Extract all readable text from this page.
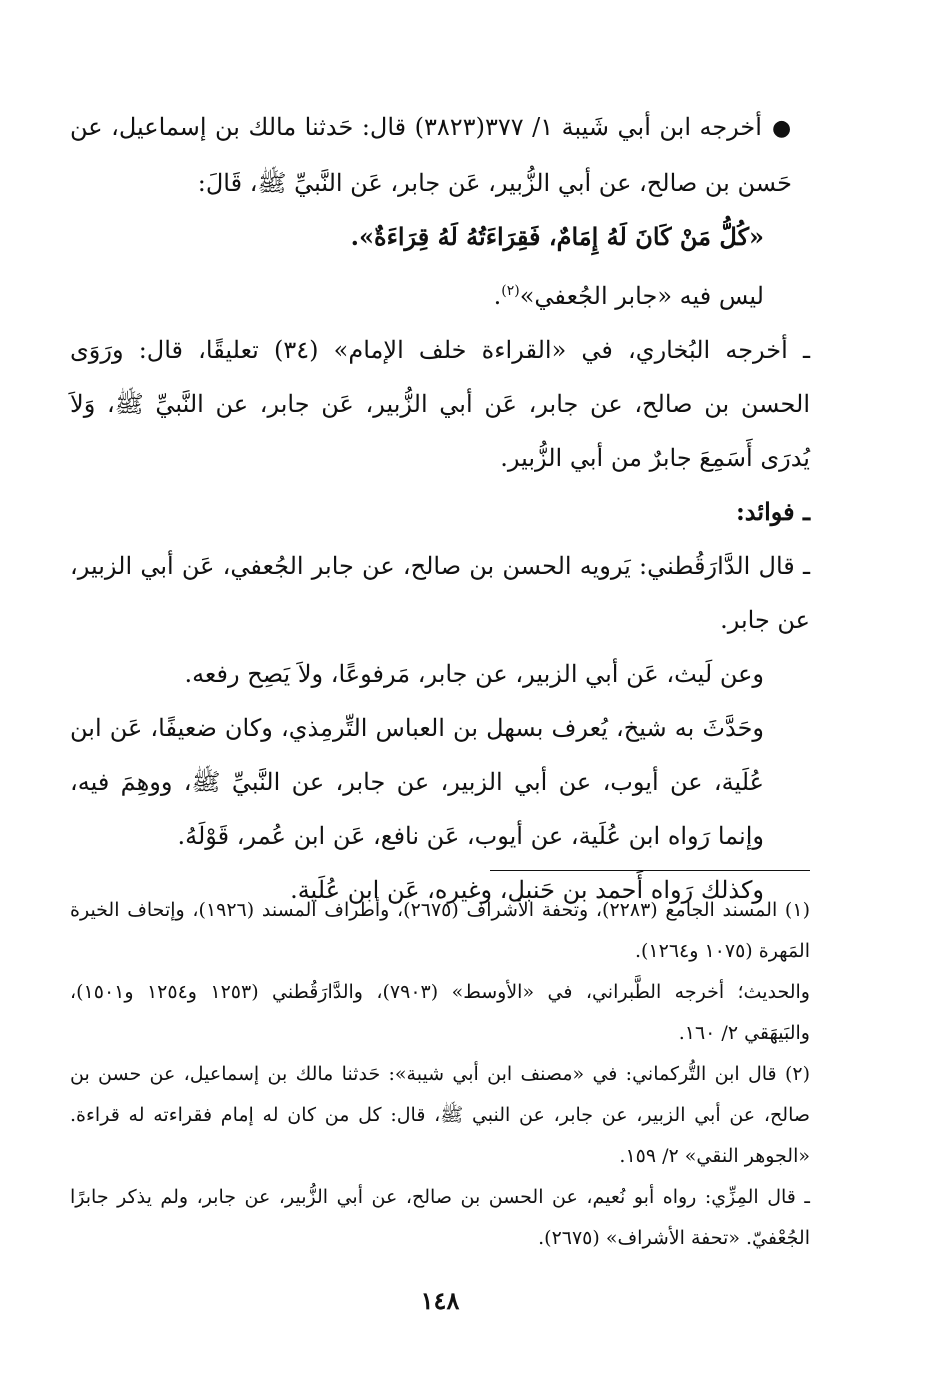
●أخرجه ابن أبي شَيبة ١/ ٣٧٧(٣٨٢٣) قال: حَدثنا مالك بن إسماعيل، عن حَسن بن صالح، عن أبي الزُّبير، عَن جابر، عَن النَّبيِّ ﷺ، قَالَ:

«كُلُّ مَنْ كَانَ لَهُ إِمَامٌ، فَقِرَاءَتُهُ لَهُ قِرَاءَةٌ».

ليس فيه «جابر الجُعفي»$^{(٢)}$.

ـ أخرجه البُخاري، في «القراءة خلف الإمام» (٣٤) تعليقًا، قال: ورَوَى الحسن بن صالح، عن جابر، عَن أبي الزُّبير، عَن جابر، عن النَّبيِّ ﷺ، وَلاَ يُدرَى أَسَمِعَ جابرٌ من أبي الزُّبير.

ـ فوائد:

ـ قال الدَّارَقُطني: يَرويه الحسن بن صالح، عن جابر الجُعفي، عَن أبي الزبير، عن جابر.

وعن لَيث، عَن أبي الزبير، عن جابر، مَرفوعًا، ولاَ يَصِح رفعه.

وحَدَّثَ به شيخ، يُعرف بسهل بن العباس التِّرمِذي، وكان ضعيفًا، عَن ابن عُلَية، عن أيوب، عن أبي الزبير، عن جابر، عن النَّبيِّ ﷺ، ووهِمَ فيه، وإنما رَواه ابن عُلَية، عن أيوب، عَن نافع، عَن ابن عُمر، قَوْلَهُ.

وكذلك رَواه أَحمد بن حَنبل، وغيره، عَن ابن عُلَية.

(١) المسند الجامع (٢٢٨٣)، وتحفة الأشراف (٢٦٧٥)، وأطراف المسند (١٩٢٦)، وإتحاف الخيرة المَهرة (١٠٧٥ و١٢٦٤).

والحديث؛ أخرجه الطَّبراني، في «الأوسط» (٧٩٠٣)، والدَّارَقُطني (١٢٥٣ و١٢٥٤ و١٥٠١)، والبَيهَقي ٢/ ١٦٠.

(٢) قال ابن التُّركماني: في «مصنف ابن أبي شيبة»: حَدثنا مالك بن إسماعيل، عن حسن بن صالح، عن أبي الزبير، عن جابر، عن النبي ﷺ، قال: كل من كان له إمام فقراءته له قراءة. «الجوهر النقي» ٢/ ١٥٩.

ـ قال المِزِّي: رواه أبو نُعيم، عن الحسن بن صالح، عن أبي الزُّبير، عن جابر، ولم يذكر جابرًا الجُعْفيّ. «تحفة الأشراف» (٢٦٧٥).

١٤٨
